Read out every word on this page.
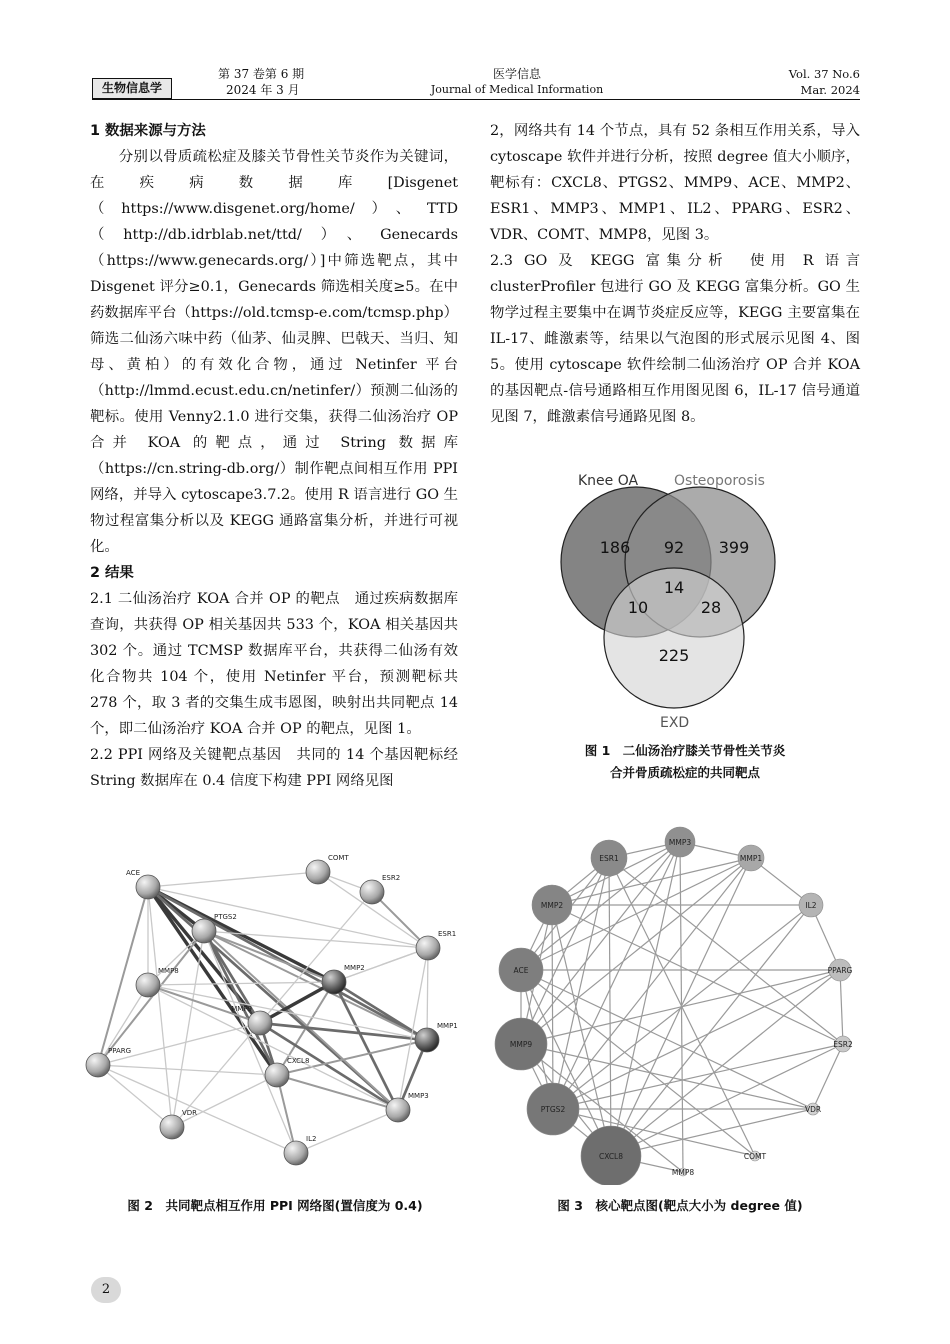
生物信息学
第 37 卷第 6 期
2024 年 3 月
医学信息
Journal of Medical Information
Vol. 37 No.6
Mar. 2024

1 数据来源与方法

分别以骨质疏松症及膝关节骨性关节炎作为关键词，在疾病数据库[Disgenet（https://www.disgenet.org/home/）、TTD（http://db.idrblab.net/ttd/）、Genecards（https://www.genecards.org/）]中筛选靶点，其中 Disgenet 评分≥0.1，Genecards 筛选相关度≥5。在中药数据库平台（https://old.tcmsp-e.com/tcmsp.php）筛选二仙汤六味中药（仙茅、仙灵脾、巴戟天、当归、知母、黄柏）的有效化合物，通过 Netinfer 平台（http://lmmd.ecust.edu.cn/netinfer/）预测二仙汤的靶标。使用 Venny2.1.0 进行交集，获得二仙汤治疗 OP 合并 KOA 的靶点，通过 String 数据库（https://cn.string-db.org/）制作靶点间相互作用 PPI 网络，并导入 cytoscape3.7.2。使用 R 语言进行 GO 生物过程富集分析以及 KEGG 通路富集分析，并进行可视化。

2 结果

2.1 二仙汤治疗 KOA 合并 OP 的靶点　 通过疾病数据库查询，共获得 OP 相关基因共 533 个，KOA 相关基因共 302 个。通过 TCMSP 数据库平台，共获得二仙汤有效化合物共 104 个，使用 Netinfer 平台，预测靶标共 278 个，取 3 者的交集生成韦恩图，映射出共同靶点 14 个，即二仙汤治疗 KOA 合并 OP 的靶点，见图 1。

2.2 PPI 网络及关键靶点基因　 共同的 14 个基因靶标经 String 数据库在 0.4 信度下构建 PPI 网络见图

2，网络共有 14 个节点，具有 52 条相互作用关系，导入 cytoscape 软件并进行分析，按照 degree 值大小顺序，靶标有：CXCL8、PTGS2、MMP9、ACE、MMP2、ESR1、MMP3、MMP1、IL2、PPARG、ESR2、VDR、COMT、MMP8，见图 3。

2.3 GO 及 KEGG 富集分析　 使用 R 语言 clusterProfiler 包进行 GO 及 KEGG 富集分析。GO 生物学过程主要集中在调节炎症反应等，KEGG 主要富集在 IL-17、雌激素等，结果以气泡图的形式展示见图 4、图 5。使用 cytoscape 软件绘制二仙汤治疗 OP 合并 KOA 的基因靶点-信号通路相互作用图见图 6，IL-17 信号通道见图 7，雌激素信号通路见图 8。

Knee OA	Osteoporosis
EXD
186 92 399
14
10	28
225
图 1　二仙汤治疗膝关节骨性关节炎
合并骨质疏松症的共同靶点
ACE
COMT
ESR2
PTGS2
ESR1
MMP8	MMP2
MMP9
MMP1
PPARG
CXCL8
MMP3
VDR
IL2
图 2　共同靶点相互作用 PPI 网络图(置信度为 0.4)
MMP3
ESR1	MMP1
MMP2	IL2
ACE	PPARG
MMP9	ESR2
PTGS2	VDR
CXCL8	COMT
MMP8
图 3　核心靶点图(靶点大小为 degree 值)
2
